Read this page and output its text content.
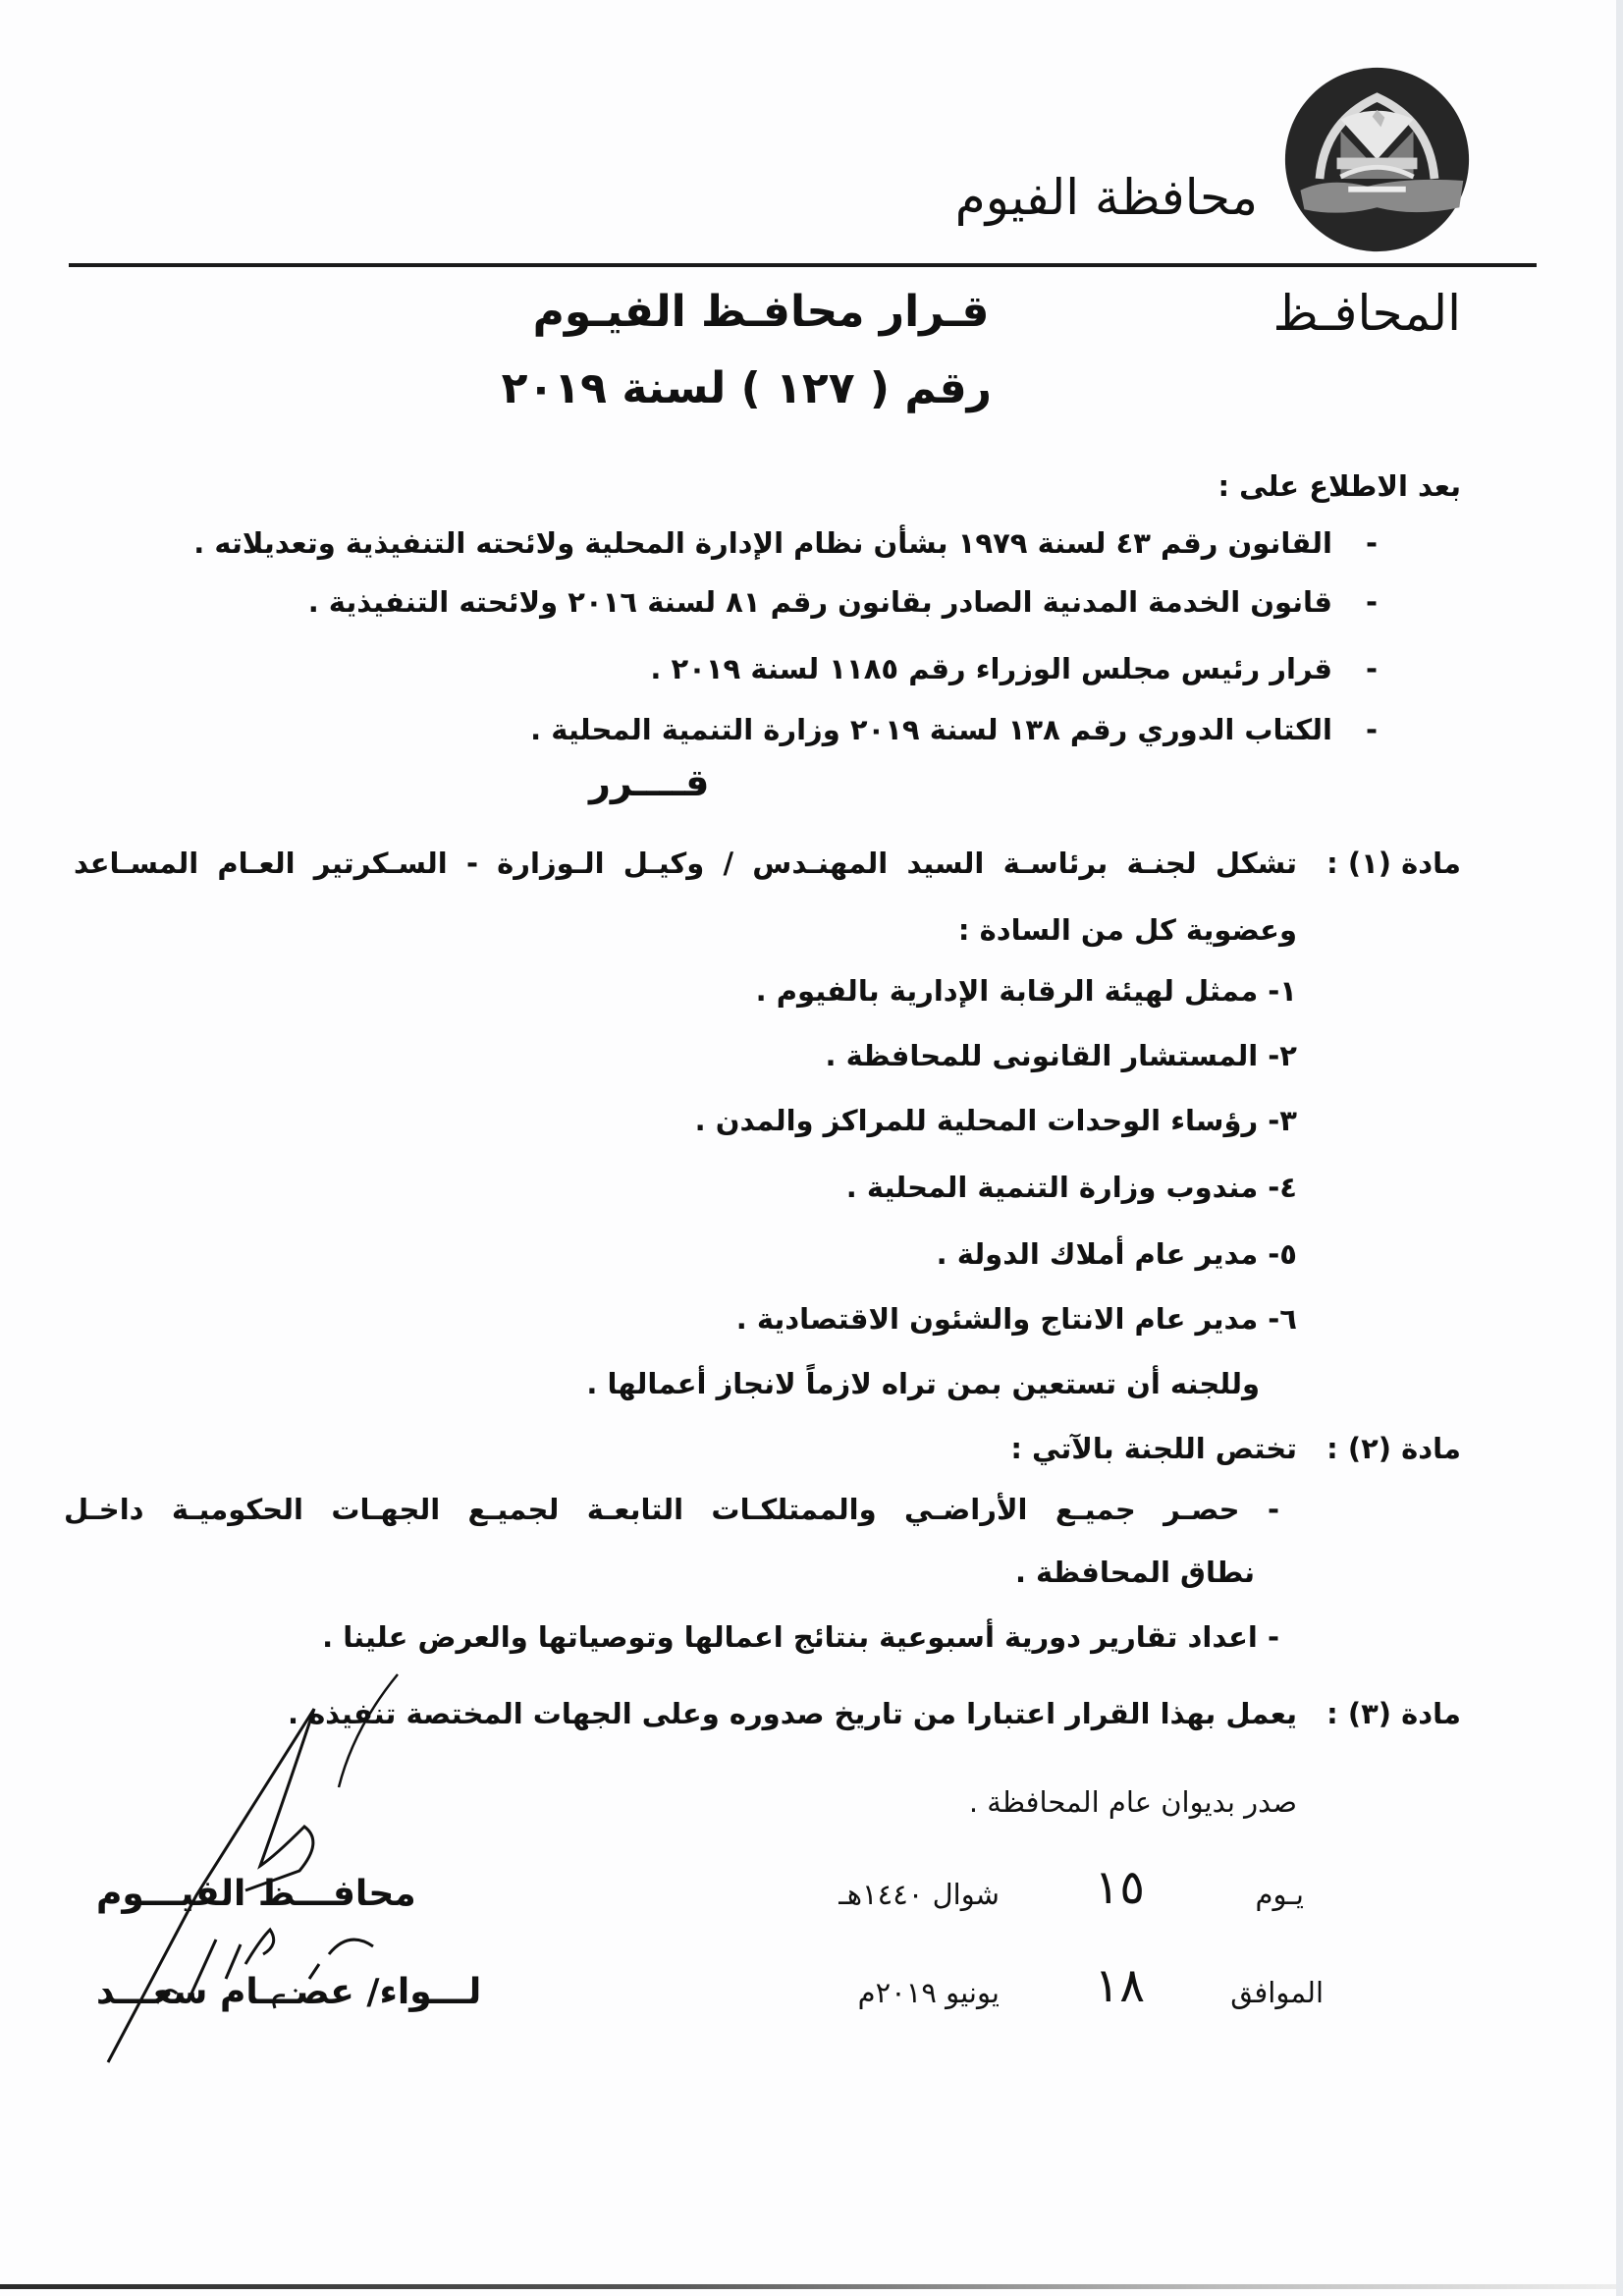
محافظة الفيوم
المحافـظ
قـرار محافـظ الفيـوم
رقم ( ١٢٧ ) لسنة ٢٠١٩
بعد الاطلاع على :
-القانون رقم ٤٣ لسنة ١٩٧٩ بشأن نظام الإدارة المحلية ولائحته التنفيذية وتعديلاته .
-قانون الخدمة المدنية الصادر بقانون رقم ٨١ لسنة ٢٠١٦ ولائحته التنفيذية .
-قرار رئيس مجلس الوزراء رقم ١١٨٥ لسنة ٢٠١٩ .
-الكتاب الدوري رقم ١٣٨ لسنة ٢٠١٩ وزارة التنمية المحلية .
قــــرر
مادة (١) :
تشكل لجنـة برئاسـة السيد المهنـدس / وكيـل الـوزارة - السـكرتير العـام المسـاعد
وعضوية كل من السادة :
١- ممثل لهيئة الرقابة الإدارية بالفيوم .
٢- المستشار القانونى للمحافظة .
٣- رؤساء الوحدات المحلية للمراكز والمدن .
٤- مندوب وزارة التنمية المحلية .
٥- مدير عام أملاك الدولة .
٦- مدير عام الانتاج والشئون الاقتصادية .
وللجنه أن تستعين بمن تراه لازماً لانجاز أعمالها .
مادة (٢) :
تختص اللجنة بالآتي :
- حصـر جميـع الأراضـي والممتلكـات التابعـة لجميـع الجهـات الحكوميـة داخـل
نطاق المحافظة .
- اعداد تقارير دورية أسبوعية بنتائج اعمالها وتوصياتها والعرض علينا .
مادة (٣) :
يعمل بهذا القرار اعتبارا من تاريخ صدوره وعلى الجهات المختصة تنفيذه .
صدر بديوان عام المحافظة .
يـوم
١٥
شوال ١٤٤٠هـ
الموافق
١٨
يونيو ٢٠١٩م
محافـــظ الفيـــوم
لـــواء/ عصـــام سعـــد
